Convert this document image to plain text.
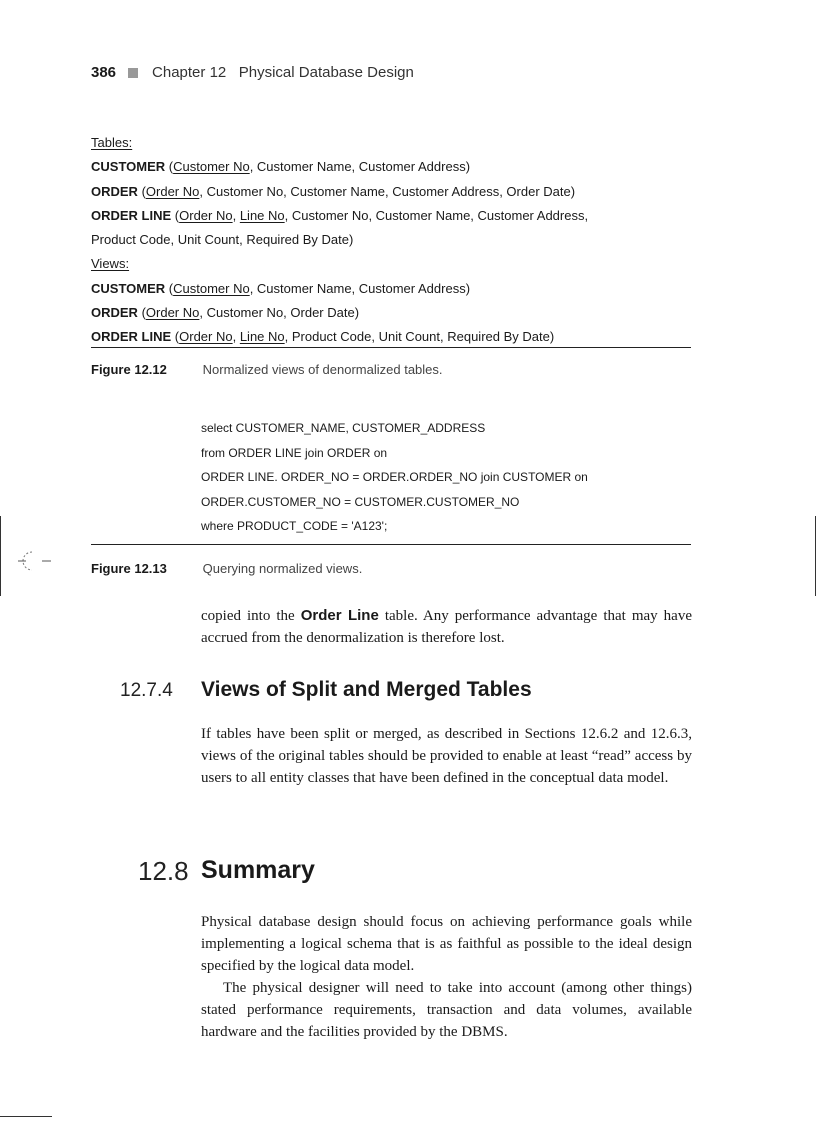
386 Chapter 12   Physical Database Design
Tables:
CUSTOMER (Customer No, Customer Name, Customer Address)
ORDER (Order No, Customer No, Customer Name, Customer Address, Order Date)
ORDER LINE (Order No, Line No, Customer No, Customer Name, Customer Address,
Product Code, Unit Count, Required By Date)
Views:
CUSTOMER (Customer No, Customer Name, Customer Address)
ORDER (Order No, Customer No, Order Date)
ORDER LINE (Order No, Line No, Product Code, Unit Count, Required By Date)
Figure 12.12	Normalized views of denormalized tables.
select CUSTOMER_NAME, CUSTOMER_ADDRESS
from ORDER LINE join ORDER on
ORDER LINE. ORDER_NO = ORDER.ORDER_NO join CUSTOMER on
ORDER.CUSTOMER_NO = CUSTOMER.CUSTOMER_NO
where PRODUCT_CODE = 'A123';
Figure 12.13	Querying normalized views.

copied into the Order Line table. Any performance advantage that may have accrued from the denormalization is therefore lost.

12.7.4 Views of Split and Merged Tables

If tables have been split or merged, as described in Sections 12.6.2 and 12.6.3, views of the original tables should be provided to enable at least “read” access by users to all entity classes that have been defined in the conceptual data model.

12.8 Summary

Physical database design should focus on achieving performance goals while implementing a logical schema that is as faithful as possible to the ideal design specified by the logical data model.

The physical designer will need to take into account (among other things) stated performance requirements, transaction and data volumes, available hardware and the facilities provided by the DBMS.
